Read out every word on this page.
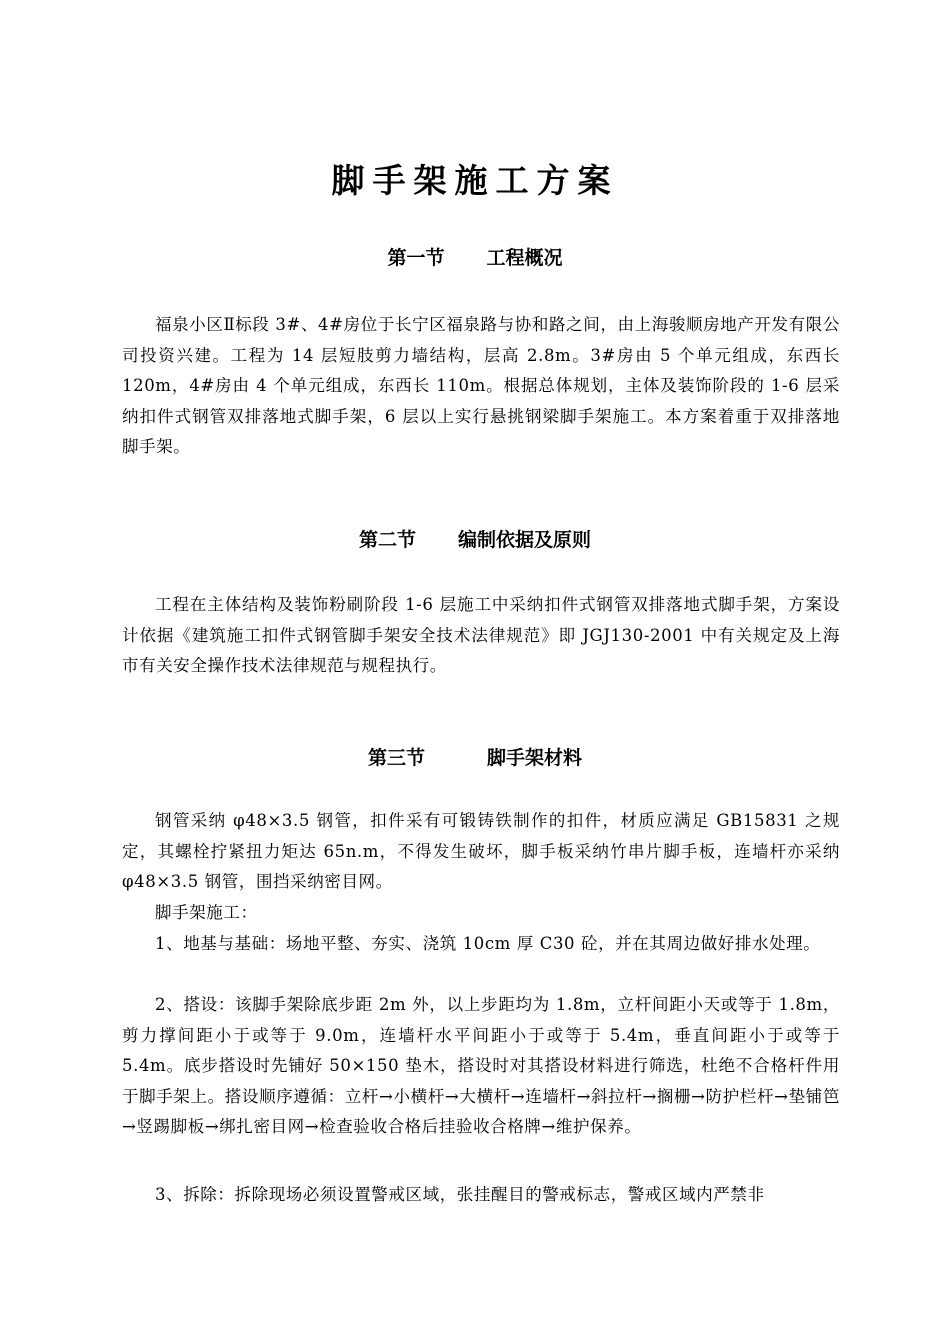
脚手架施工方案
第一节 工程概况

福泉小区Ⅱ标段 3#、4#房位于长宁区福泉路与协和路之间，由上海骏顺房地产开发有限公司投资兴建。工程为 14 层短肢剪力墙结构，层高 2.8m。3#房由 5 个单元组成，东西长 120m，4#房由 4 个单元组成，东西长 110m。根据总体规划，主体及装饰阶段的 1-6 层采纳扣件式钢管双排落地式脚手架，6 层以上实行悬挑钢梁脚手架施工。本方案着重于双排落地脚手架。

第二节 编制依据及原则

工程在主体结构及装饰粉刷阶段 1-6 层施工中采纳扣件式钢管双排落地式脚手架，方案设计依据《建筑施工扣件式钢管脚手架安全技术法律规范》即 JGJ130-2001 中有关规定及上海市有关安全操作技术法律规范与规程执行。

第三节	脚手架材料

钢管采纳 φ48×3.5 钢管，扣件采有可锻铸铁制作的扣件，材质应满足 GB15831 之规定，其螺栓拧紧扭力矩达 65n.m，不得发生破坏，脚手板采纳竹串片脚手板，连墙杆亦采纳 φ48×3.5 钢管，围挡采纳密目网。

脚手架施工：

1、地基与基础：场地平整、夯实、浇筑 10cm 厚 C30 砼，并在其周边做好排水处理。

2、搭设：该脚手架除底步距 2m 外，以上步距均为 1.8m，立杆间距小天或等于 1.8m，剪力撑间距小于或等于 9.0m，连墙杆水平间距小于或等于 5.4m，垂直间距小于或等于 5.4m。底步搭设时先铺好 50×150 垫木，搭设时对其搭设材料进行筛选，杜绝不合格杆件用于脚手架上。搭设顺序遵循：立杆→小横杆→大横杆→连墙杆→斜拉杆→搁栅→防护栏杆→垫铺笆→竖踢脚板→绑扎密目网→检查验收合格后挂验收合格牌→维护保养。

3、拆除：拆除现场必须设置警戒区域，张挂醒目的警戒标志，警戒区域内严禁非
